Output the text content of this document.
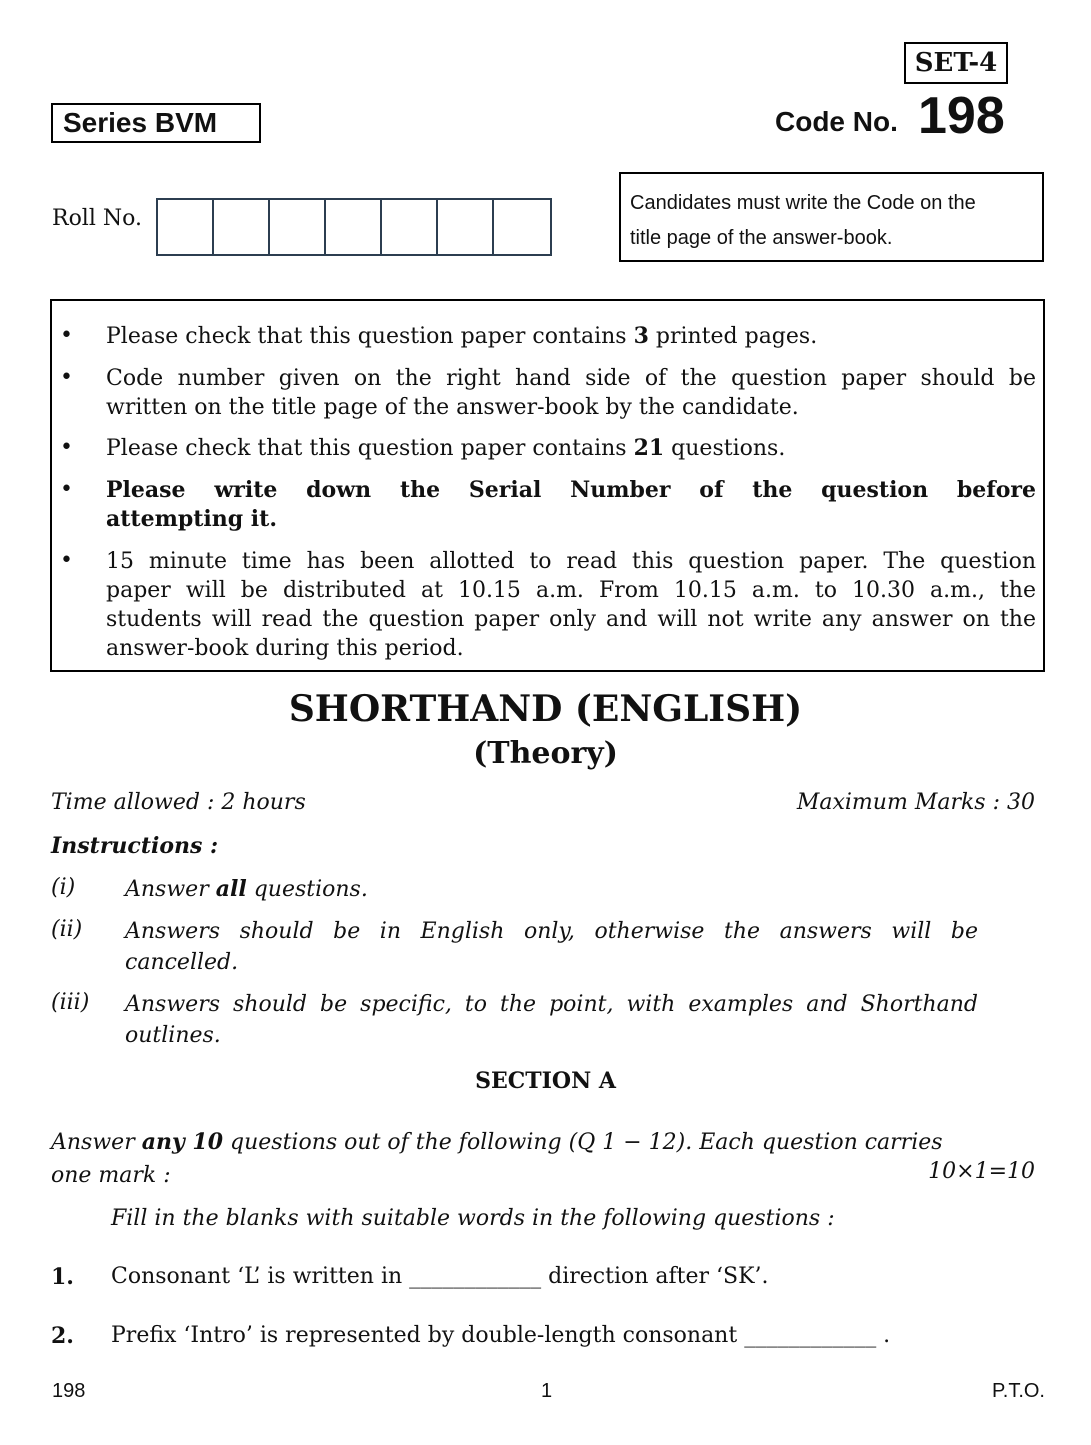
SET-4
Series BVM	Code No. 198
Roll No.
Candidates must write the Code on the
title page of the answer-book.
• Please check that this question paper contains 3 printed pages.
• Code number given on the right hand side of the question paper should be
written on the title page of the answer-book by the candidate.
• Please check that this question paper contains 21 questions.
• Please write down the Serial Number of the question before
attempting it.
• 15 minute time has been allotted to read this question paper. The question
paper will be distributed at 10.15 a.m. From 10.15 a.m. to 10.30 a.m., the
students will read the question paper only and will not write any answer on the
answer-book during this period.
SHORTHAND (ENGLISH)
(Theory)
Time allowed : 2 hours	Maximum Marks : 30
Instructions :
(i) Answer all questions.
(ii) Answers should be in English only, otherwise the answers will be
cancelled.
(iii) Answers should be specific, to the point, with examples and Shorthand
outlines.
SECTION A
Answer any 10 questions out of the following (Q 1 − 12). Each question carries
one mark :	10×1=10
Fill in the blanks with suitable words in the following questions :
1. Consonant ‘L’ is written in ____________ direction after ‘SK’.
2. Prefix ‘Intro’ is represented by double-length consonant ____________ .
198	1	P.T.O.
